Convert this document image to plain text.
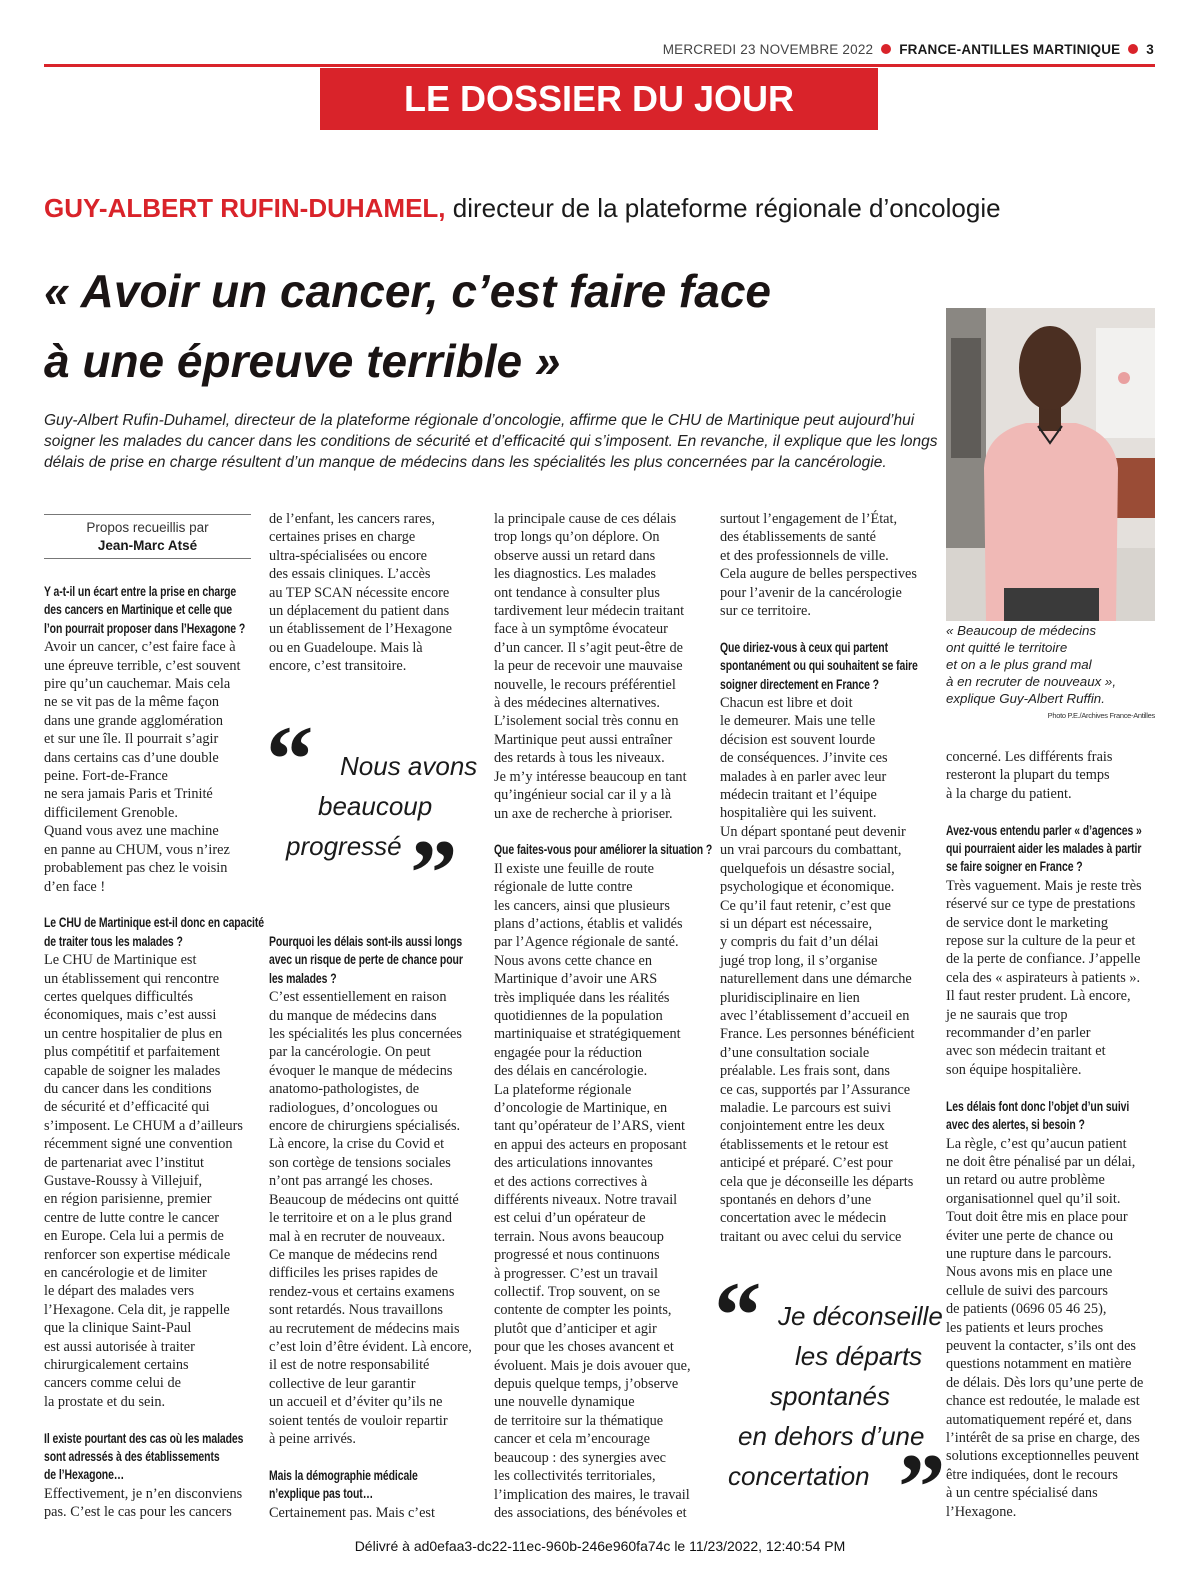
MERCREDI 23 NOVEMBRE 2022 FRANCE-ANTILLES MARTINIQUE 3
LE DOSSIER DU JOUR
GUY-ALBERT RUFIN-DUHAMEL, directeur de la plateforme régionale d’oncologie
« Avoir un cancer, c’est faire face
à une épreuve terrible »
Guy-Albert Rufin-Duhamel, directeur de la plateforme régionale d’oncologie, affirme que le CHU de Martinique peut aujourd’hui soigner les malades du cancer dans les conditions de sécurité et d’efficacité qui s’imposent. En revanche, il explique que les longs délais de prise en charge résultent d’un manque de médecins dans les spécialités les plus concernées par la cancérologie.
« Beaucoup de médecins
ont quitté le territoire
et on a le plus grand mal
à en recruter de nouveaux »,
explique Guy-Albert Ruffin.
Photo P.E./Archives France-Antilles
Propos recueillis par
Jean-Marc Atsé
Y a-t-il un écart entre la prise en charge
des cancers en Martinique et celle que
l’on pourrait proposer dans l’Hexagone ?
Avoir un cancer, c’est faire face à
une épreuve terrible, c’est souvent
pire qu’un cauchemar. Mais cela
ne se vit pas de la même façon
dans une grande agglomération
et sur une île. Il pourrait s’agir
dans certains cas d’une double
peine. Fort-de-France
ne sera jamais Paris et Trinité
difficilement Grenoble.
Quand vous avez une machine
en panne au CHUM, vous n’irez
probablement pas chez le voisin
d’en face !
Le CHU de Martinique est-il donc en capacité
de traiter tous les malades ?
Le CHU de Martinique est
un établissement qui rencontre
certes quelques difficultés
économiques, mais c’est aussi
un centre hospitalier de plus en
plus compétitif et parfaitement
capable de soigner les malades
du cancer dans les conditions
de sécurité et d’efficacité qui
s’imposent. Le CHUM a d’ailleurs
récemment signé une convention
de partenariat avec l’institut
Gustave-Roussy à Villejuif,
en région parisienne, premier
centre de lutte contre le cancer
en Europe. Cela lui a permis de
renforcer son expertise médicale
en cancérologie et de limiter
le départ des malades vers
l’Hexagone. Cela dit, je rappelle
que la clinique Saint-Paul
est aussi autorisée à traiter
chirurgicalement certains
cancers comme celui de
la prostate et du sein.
Il existe pourtant des cas où les malades
sont adressés à des établissements
de l’Hexagone…
Effectivement, je n’en disconviens
pas. C’est le cas pour les cancers
de l’enfant, les cancers rares,
certaines prises en charge
ultra-spécialisées ou encore
des essais cliniques. L’accès
au TEP SCAN nécessite encore
un déplacement du patient dans
un établissement de l’Hexagone
ou en Guadeloupe. Mais là
encore, c’est transitoire.
“ Nous avons
beaucoup
progressé ”
Pourquoi les délais sont-ils aussi longs
avec un risque de perte de chance pour
les malades ?
C’est essentiellement en raison
du manque de médecins dans
les spécialités les plus concernées
par la cancérologie. On peut
évoquer le manque de médecins
anatomo-pathologistes, de
radiologues, d’oncologues ou
encore de chirurgiens spécialisés.
Là encore, la crise du Covid et
son cortège de tensions sociales
n’ont pas arrangé les choses.
Beaucoup de médecins ont quitté
le territoire et on a le plus grand
mal à en recruter de nouveaux.
Ce manque de médecins rend
difficiles les prises rapides de
rendez-vous et certains examens
sont retardés. Nous travaillons
au recrutement de médecins mais
c’est loin d’être évident. Là encore,
il est de notre responsabilité
collective de leur garantir
un accueil et d’éviter qu’ils ne
soient tentés de vouloir repartir
à peine arrivés.
Mais la démographie médicale
n’explique pas tout…
Certainement pas. Mais c’est
la principale cause de ces délais
trop longs qu’on déplore. On
observe aussi un retard dans
les diagnostics. Les malades
ont tendance à consulter plus
tardivement leur médecin traitant
face à un symptôme évocateur
d’un cancer. Il s’agit peut-être de
la peur de recevoir une mauvaise
nouvelle, le recours préférentiel
à des médecines alternatives.
L’isolement social très connu en
Martinique peut aussi entraîner
des retards à tous les niveaux.
Je m’y intéresse beaucoup en tant
qu’ingénieur social car il y a là
un axe de recherche à prioriser.
Que faites-vous pour améliorer la situation ?
Il existe une feuille de route
régionale de lutte contre
les cancers, ainsi que plusieurs
plans d’actions, établis et validés
par l’Agence régionale de santé.
Nous avons cette chance en
Martinique d’avoir une ARS
très impliquée dans les réalités
quotidiennes de la population
martiniquaise et stratégiquement
engagée pour la réduction
des délais en cancérologie.
La plateforme régionale
d’oncologie de Martinique, en
tant qu’opérateur de l’ARS, vient
en appui des acteurs en proposant
des articulations innovantes
et des actions correctives à
différents niveaux. Notre travail
est celui d’un opérateur de
terrain. Nous avons beaucoup
progressé et nous continuons
à progresser. C’est un travail
collectif. Trop souvent, on se
contente de compter les points,
plutôt que d’anticiper et agir
pour que les choses avancent et
évoluent. Mais je dois avouer que,
depuis quelque temps, j’observe
une nouvelle dynamique
de territoire sur la thématique
cancer et cela m’encourage
beaucoup : des synergies avec
les collectivités territoriales,
l’implication des maires, le travail
des associations, des bénévoles et
surtout l’engagement de l’État,
des établissements de santé
et des professionnels de ville.
Cela augure de belles perspectives
pour l’avenir de la cancérologie
sur ce territoire.
Que diriez-vous à ceux qui partent
spontanément ou qui souhaitent se faire
soigner directement en France ?
Chacun est libre et doit
le demeurer. Mais une telle
décision est souvent lourde
de conséquences. J’invite ces
malades à en parler avec leur
médecin traitant et l’équipe
hospitalière qui les suivent.
Un départ spontané peut devenir
un vrai parcours du combattant,
quelquefois un désastre social,
psychologique et économique.
Ce qu’il faut retenir, c’est que
si un départ est nécessaire,
y compris du fait d’un délai
jugé trop long, il s’organise
naturellement dans une démarche
pluridisciplinaire en lien
avec l’établissement d’accueil en
France. Les personnes bénéficient
d’une consultation sociale
préalable. Les frais sont, dans
ce cas, supportés par l’Assurance
maladie. Le parcours est suivi
conjointement entre les deux
établissements et le retour est
anticipé et préparé. C’est pour
cela que je déconseille les départs
spontanés en dehors d’une
concertation avec le médecin
traitant ou avec celui du service
“ Je déconseille
les départs
spontanés
en dehors d’une
concertation ”
concerné. Les différents frais
resteront la plupart du temps
à la charge du patient.
Avez-vous entendu parler « d’agences »
qui pourraient aider les malades à partir
se faire soigner en France ?
Très vaguement. Mais je reste très
réservé sur ce type de prestations
de service dont le marketing
repose sur la culture de la peur et
de la perte de confiance. J’appelle
cela des « aspirateurs à patients ».
Il faut rester prudent. Là encore,
je ne saurais que trop
recommander d’en parler
avec son médecin traitant et
son équipe hospitalière.
Les délais font donc l’objet d’un suivi
avec des alertes, si besoin ?
La règle, c’est qu’aucun patient
ne doit être pénalisé par un délai,
un retard ou autre problème
organisationnel quel qu’il soit.
Tout doit être mis en place pour
éviter une perte de chance ou
une rupture dans le parcours.
Nous avons mis en place une
cellule de suivi des parcours
de patients (0696 05 46 25),
les patients et leurs proches
peuvent la contacter, s’ils ont des
questions notamment en matière
de délais. Dès lors qu’une perte de
chance est redoutée, le malade est
automatiquement repéré et, dans
l’intérêt de sa prise en charge, des
solutions exceptionnelles peuvent
être indiquées, dont le recours
à un centre spécialisé dans
l’Hexagone.
Délivré à ad0efaa3-dc22-11ec-960b-246e960fa74c le 11/23/2022, 12:40:54 PM
